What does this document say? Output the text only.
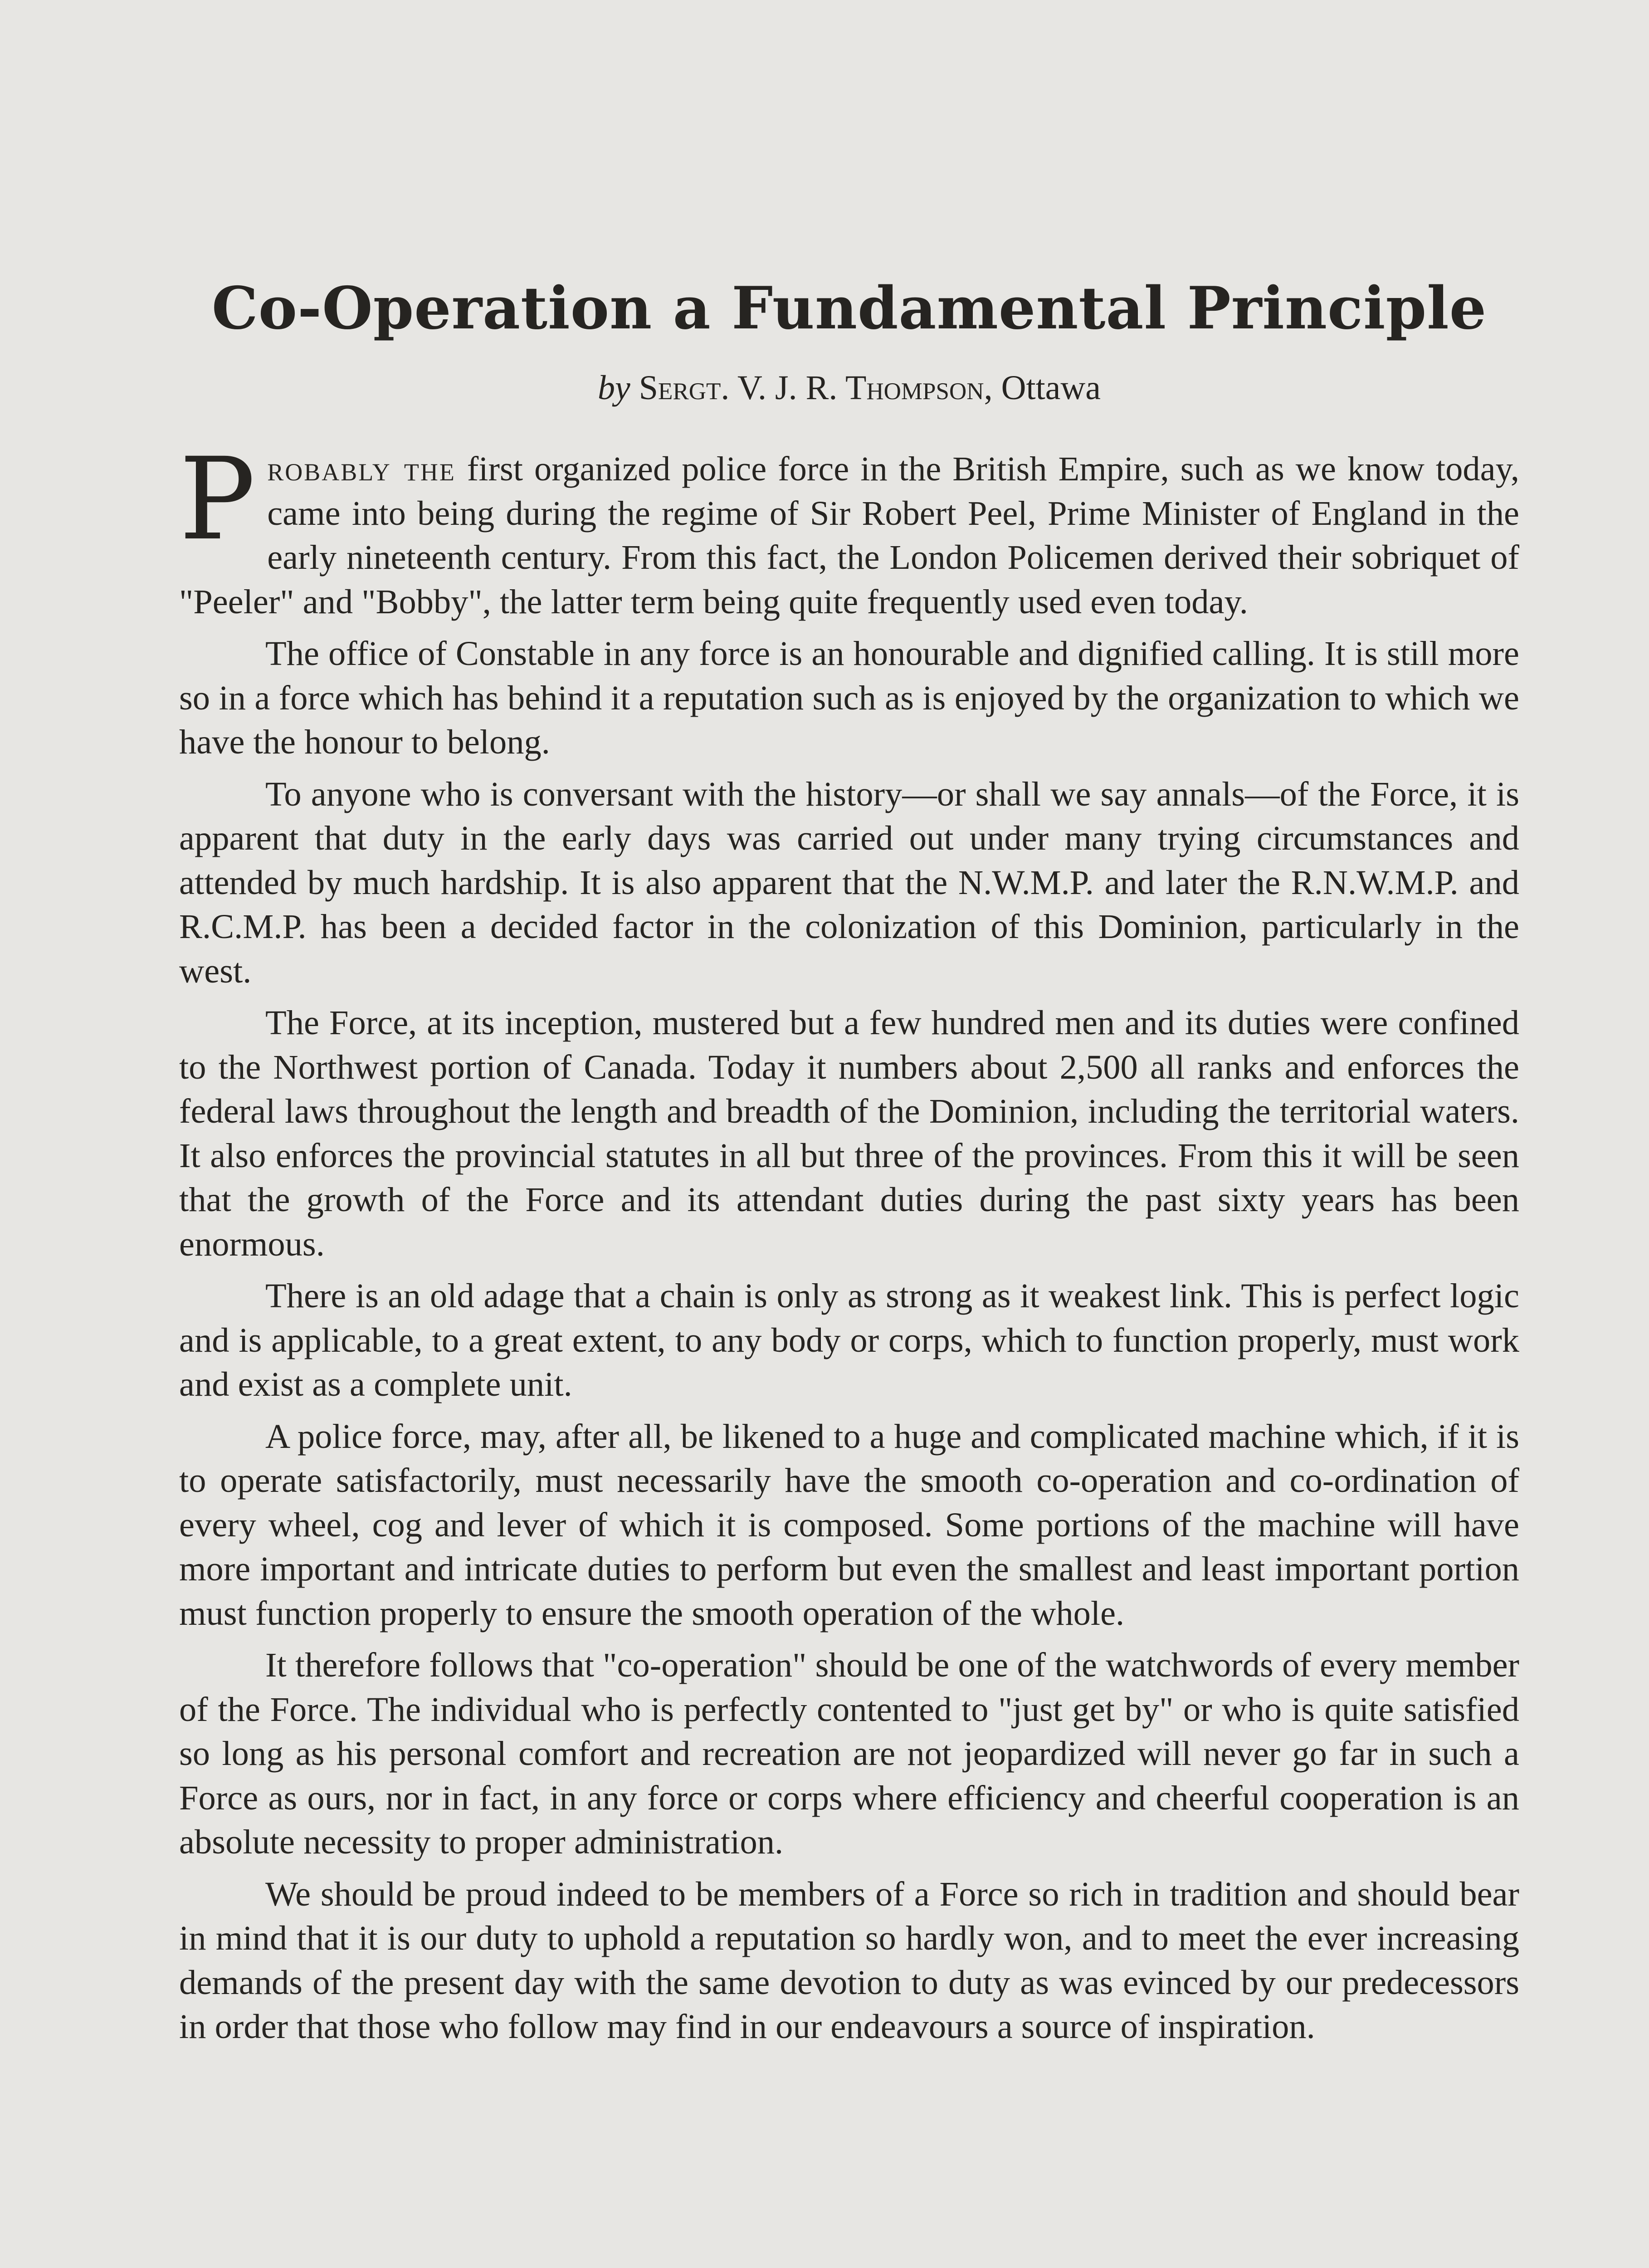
Co-Operation a Fundamental Principle
by Sergt. V. J. R. Thompson, Ottawa

Probably the first organized police force in the British Empire, such as we know today, came into being during the regime of Sir Robert Peel, Prime Minister of England in the early nineteenth century. From this fact, the London Policemen derived their sobriquet of "Peeler" and "Bobby", the latter term being quite frequently used even today.

The office of Constable in any force is an honourable and dignified calling. It is still more so in a force which has behind it a reputation such as is enjoyed by the organization to which we have the honour to belong.

To anyone who is conversant with the history—or shall we say annals—of the Force, it is apparent that duty in the early days was carried out under many trying circumstances and attended by much hardship. It is also apparent that the N.W.M.P. and later the R.N.W.M.P. and R.C.M.P. has been a decided factor in the colonization of this Dominion, particularly in the west.

The Force, at its inception, mustered but a few hundred men and its duties were confined to the Northwest portion of Canada. Today it numbers about 2,500 all ranks and enforces the federal laws throughout the length and breadth of the Dominion, including the territorial waters. It also enforces the provincial statutes in all but three of the provinces. From this it will be seen that the growth of the Force and its attendant duties during the past sixty years has been enormous.

There is an old adage that a chain is only as strong as it weakest link. This is perfect logic and is applicable, to a great extent, to any body or corps, which to function properly, must work and exist as a complete unit.

A police force, may, after all, be likened to a huge and complicated machine which, if it is to operate satisfactorily, must necessarily have the smooth co-operation and co-ordination of every wheel, cog and lever of which it is composed. Some portions of the machine will have more important and intricate duties to perform but even the smallest and least important portion must function properly to ensure the smooth operation of the whole.

It therefore follows that "co-operation" should be one of the watchwords of every member of the Force. The individual who is perfectly contented to "just get by" or who is quite satisfied so long as his personal comfort and recreation are not jeopardized will never go far in such a Force as ours, nor in fact, in any force or corps where efficiency and cheerful cooperation is an absolute necessity to proper administration.

We should be proud indeed to be members of a Force so rich in tradition and should bear in mind that it is our duty to uphold a reputation so hardly won, and to meet the ever increasing demands of the present day with the same devotion to duty as was evinced by our predecessors in order that those who follow may find in our endeavours a source of inspiration.
